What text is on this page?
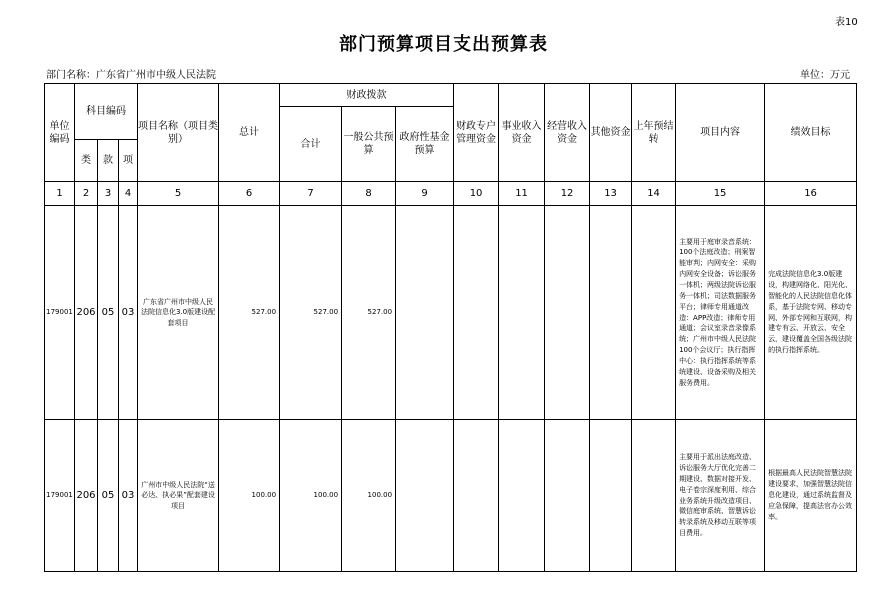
表10
部门预算项目支出预算表
部门名称：广东省广州市中级人民法院	单位：万元
单位编码	科目编码			项目名称（项目类别）	总计	财政拨款			财政专户管理资金	事业收入资金	经营收入资金	其他资金	上年预结转	项目内容	绩效目标
						合计	一般公共预算	政府性基金预算							
	类	款	项												
1	2	3	4	5	6	7	8	9	10	11	12	13	14	15	16
179001	206	05	03	广东省广州市中级人民法院信息化3.0版建设配套项目	527.00	527.00	527.00							主要用于庭审录音系统：100个法庭改造；刑案智能审判；内网安全：采购内网安全设备；诉讼服务一体机；两级法院诉讼服务一体机；司法数据服务平台；律师专用通道改造：APP改造；律师专用通道；会议室录音录像系统；广州市中级人民法院100个会议厅；执行指挥中心：执行指挥系统等系统建设、设备采购及相关服务费用。	完成法院信息化3.0版建设，构建网络化、阳光化、智能化的人民法院信息化体系，基于法院专网、移动专网、外部专网和互联网，构建专有云、开放云、安全云，建设覆盖全国各级法院的执行指挥系统。
179001	206	05	03	广州市中级人民法院“送必达、执必果”配套建设项目	100.00	100.00	100.00							主要用于派出法庭改造、诉讼服务大厅优化完善二期建设、数据对接开发、电子卷宗深度利用、综合业务系统升级改造项目、微信庭审系统、智慧诉讼转录系统及移动互联等项目费用。	根据最高人民法院智慧法院建设要求，加强智慧法院信息化建设，通过系统监督及应急保障，提高法官办公效率。
